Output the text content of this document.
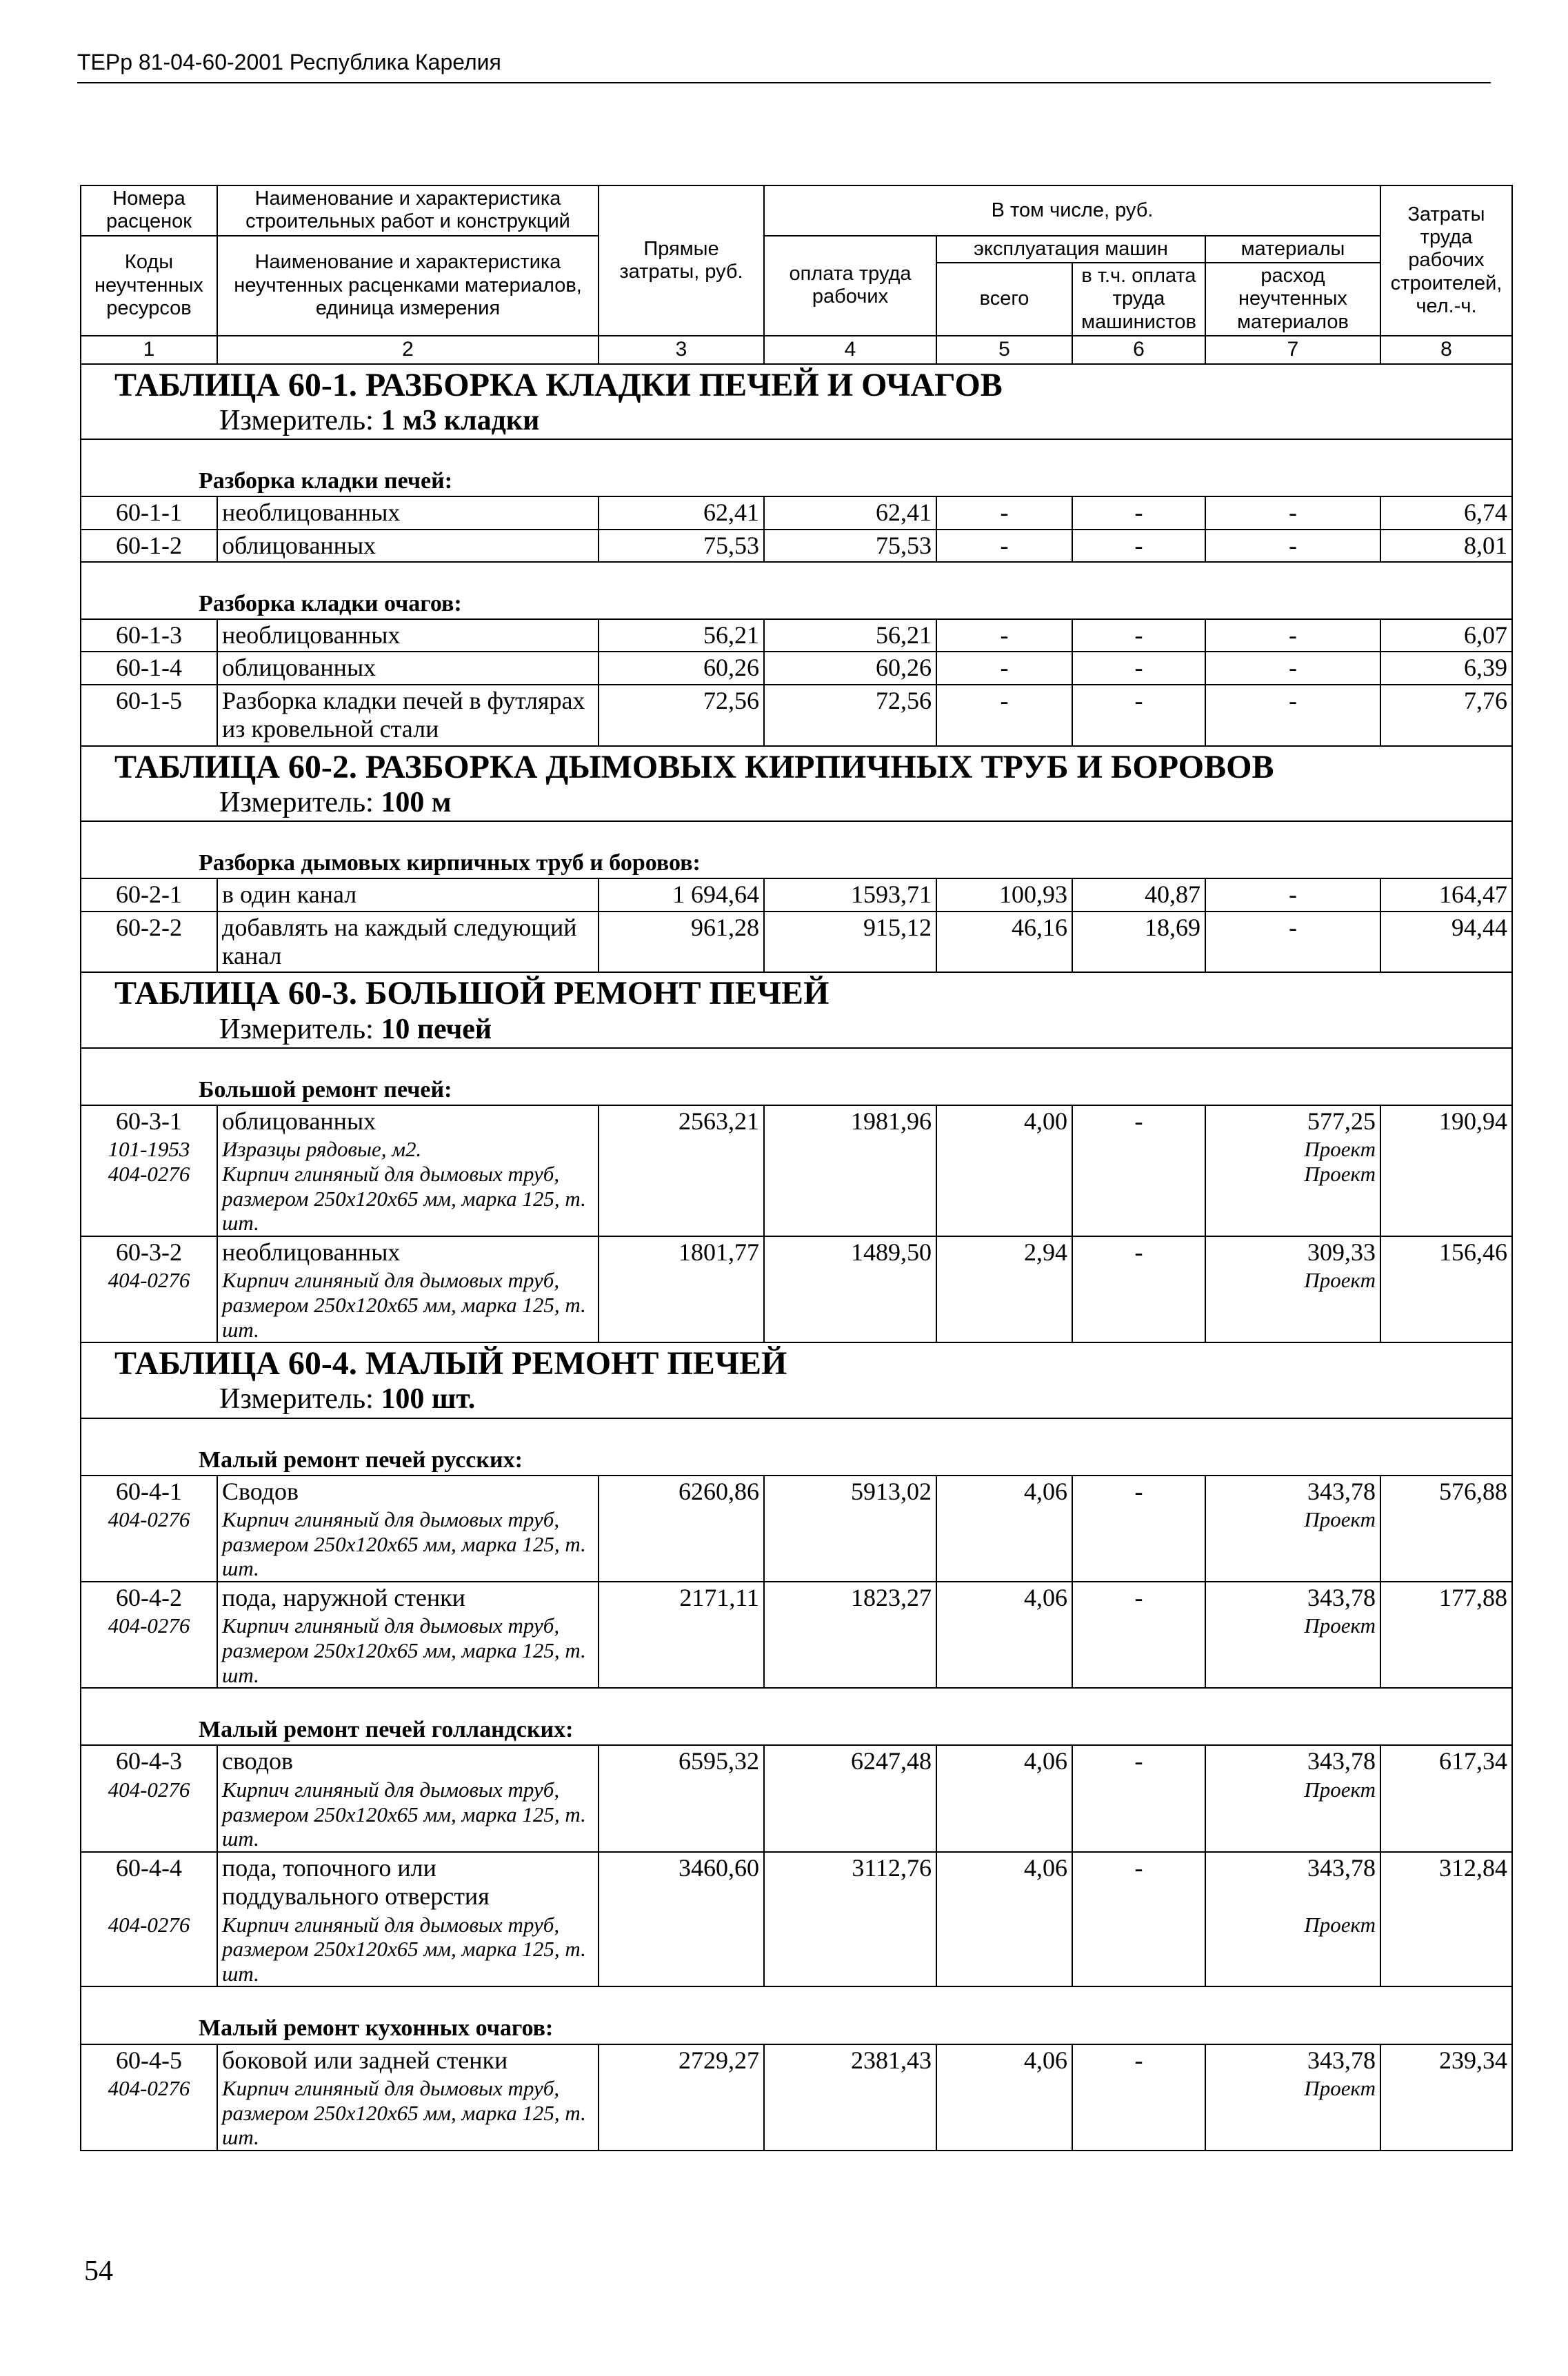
ТЕРр 81-04-60-2001 Республика Карелия
Номера расценок	Наименование и характеристика строительных работ и конструкций	Прямые затраты, руб.	В том числе, руб.				Затраты труда рабочих строителей, чел.-ч.
Коды неучтенных ресурсов	Наименование и характеристика неучтенных расценками материалов, единица измерения		оплата труда рабочих	эксплуатация машин		материалы	
				всего	в т.ч. оплата труда машинистов	расход неучтенных материалов	
1	2	3	4	5	6	7	8
ТАБЛИЦА 60-1. РАЗБОРКА КЛАДКИ ПЕЧЕЙ И ОЧАГОВ
Измеритель: 1 м3 кладки							

Разборка кладки печей:							
60-1-1	необлицованных	62,41	62,41	-	-	-	6,74
60-1-2	облицованных	75,53	75,53	-	-	-	8,01
Разборка кладки очагов:							
60-1-3	необлицованных	56,21	56,21	-	-	-	6,07
60-1-4	облицованных	60,26	60,26	-	-	-	6,39
60-1-5	Разборка кладки печей в футлярах из кровельной стали	72,56	72,56	-	-	-	7,76
ТАБЛИЦА 60-2. РАЗБОРКА ДЫМОВЫХ КИРПИЧНЫХ ТРУБ И БОРОВОВ
Измеритель: 100 м							

Разборка дымовых кирпичных труб и боровов:							
60-2-1	в один канал	1 694,64	1593,71	100,93	40,87	-	164,47
60-2-2	добавлять на каждый следующий канал	961,28	915,12	46,16	18,69	-	94,44
ТАБЛИЦА 60-3. БОЛЬШОЙ РЕМОНТ ПЕЧЕЙ
Измеритель: 10 печей							

Большой ремонт печей:							
60-3-1	облицованных	2563,21	1981,96	4,00	-	577,25	190,94
101-1953	Изразцы рядовые, м2.					Проект	
404-0276	Кирпич глиняный для дымовых труб, размером 250x120x65 мм, марка 125, т. шт.					Проект	
60-3-2	необлицованных	1801,77	1489,50	2,94	-	309,33	156,46
404-0276	Кирпич глиняный для дымовых труб, размером 250x120x65 мм, марка 125, т. шт.					Проект	
ТАБЛИЦА 60-4. МАЛЫЙ РЕМОНТ ПЕЧЕЙ
Измеритель: 100 шт.							

Малый ремонт печей русских:							
60-4-1	Сводов	6260,86	5913,02	4,06	-	343,78	576,88
404-0276	Кирпич глиняный для дымовых труб, размером 250x120x65 мм, марка 125, т. шт.					Проект	
60-4-2	пода, наружной стенки	2171,11	1823,27	4,06	-	343,78	177,88
404-0276	Кирпич глиняный для дымовых труб, размером 250x120x65 мм, марка 125, т. шт.					Проект	
Малый ремонт печей голландских:							
60-4-3	сводов	6595,32	6247,48	4,06	-	343,78	617,34
404-0276	Кирпич глиняный для дымовых труб, размером 250x120x65 мм, марка 125, т. шт.					Проект	
60-4-4	пода, топочного или поддувального отверстия	3460,60	3112,76	4,06	-	343,78	312,84
404-0276	Кирпич глиняный для дымовых труб, размером 250x120x65 мм, марка 125, т. шт.					Проект	
Малый ремонт кухонных очагов:							
60-4-5	боковой или задней стенки	2729,27	2381,43	4,06	-	343,78	239,34
404-0276	Кирпич глиняный для дымовых труб, размером 250x120x65 мм, марка 125, т. шт.					Проект	
54
